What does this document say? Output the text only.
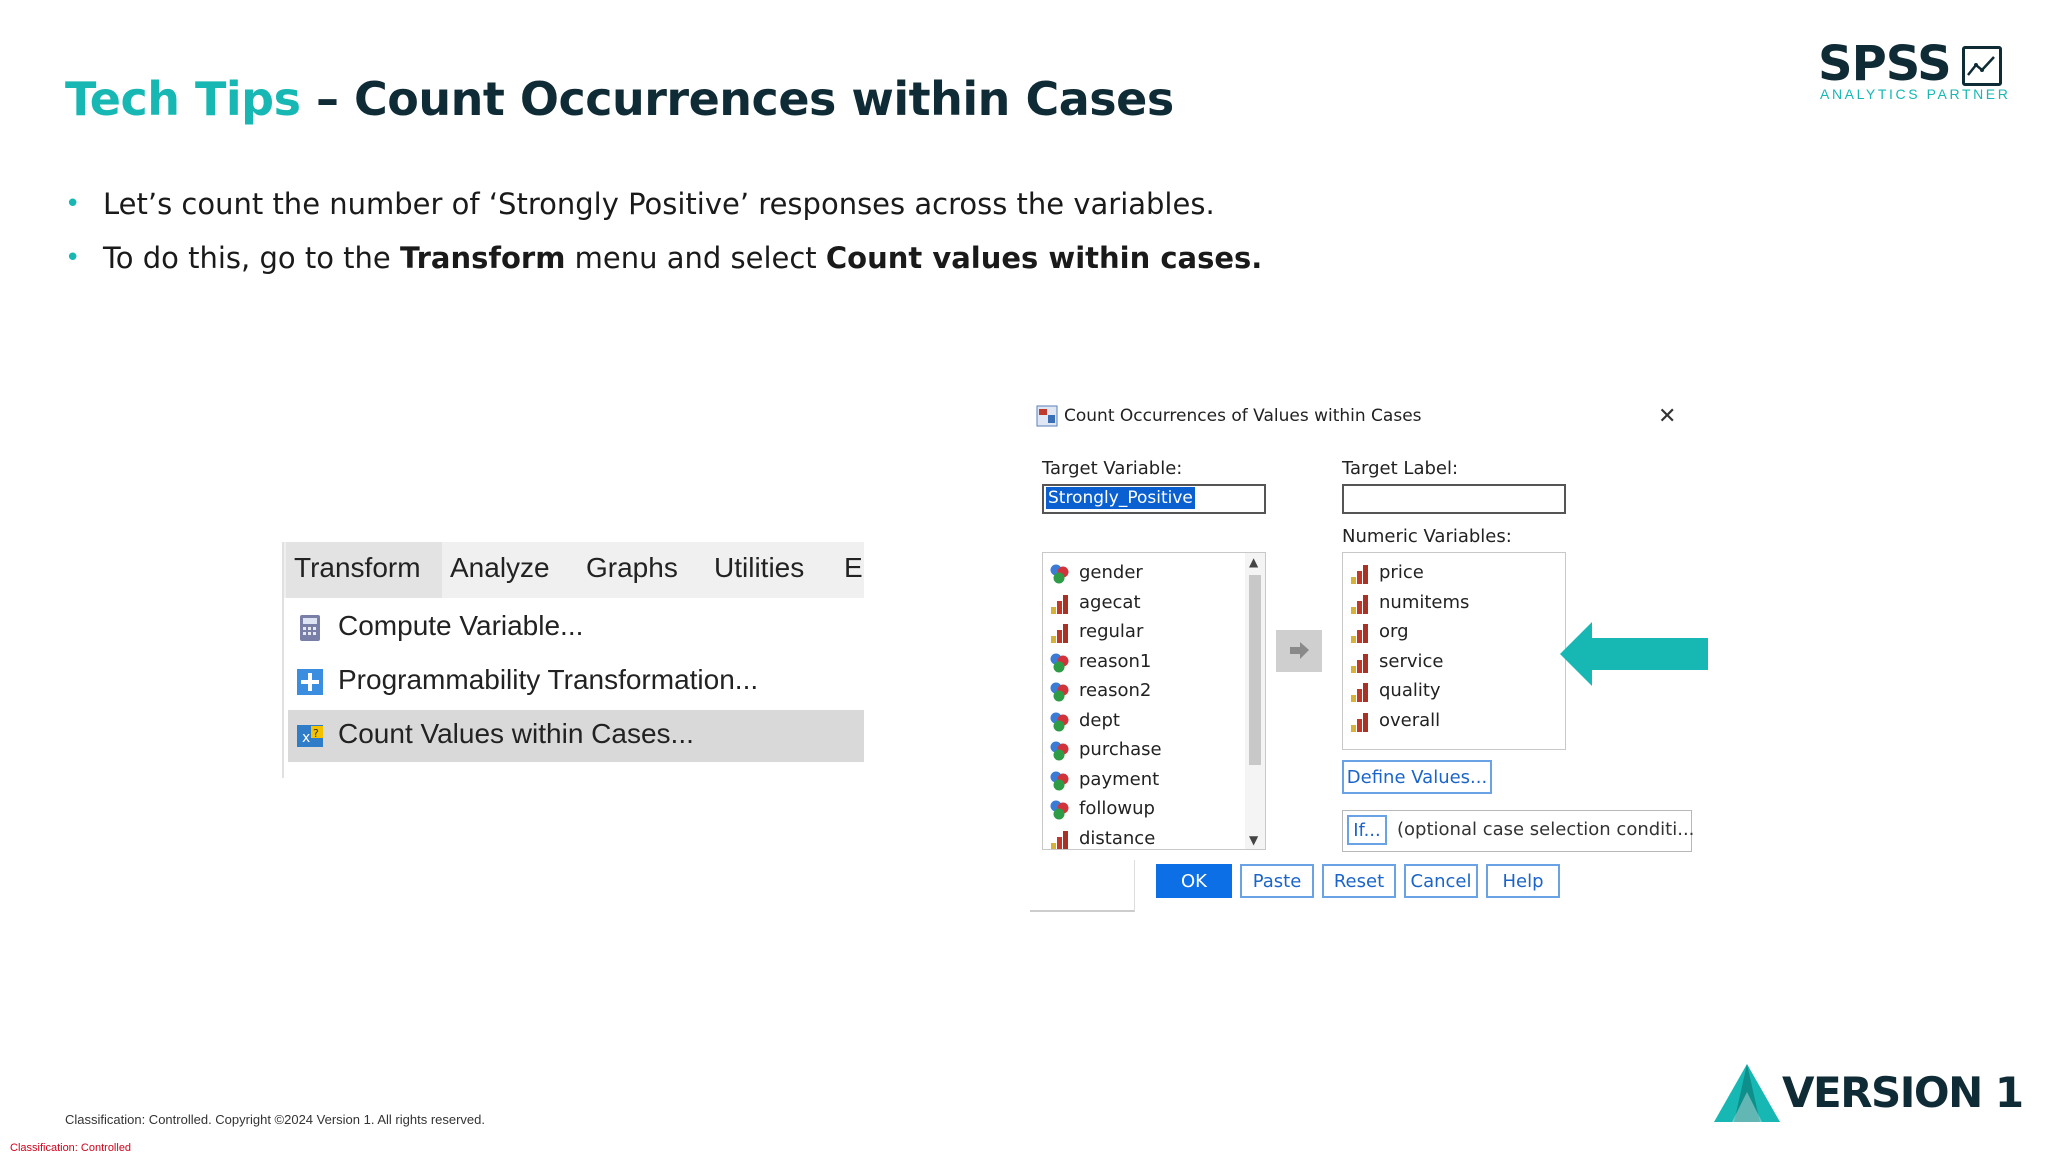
Tech Tips – Count Occurrences within Cases
SPSS
ANALYTICS PARTNER
• Let’s count the number of ‘Strongly Positive’ responses across the variables.
• To do this, go to the Transform menu and select Count values within cases.
Transform Analyze Graphs Utilities E
Compute Variable...
Programmability Transformation...
x ? Count Values within Cases...
Count Occurrences of Values within Cases	✕
Target Variable:
Strongly_Positive
Target Label:
Numeric Variables:
▲
▼
gender
agecat
regular
reason1
reason2
dept
purchase
payment
followup
distance
price
numitems
org
service
quality
overall
Define Values...
If... (optional case selection conditi...
OK	Paste	Reset	Cancel	Help
Classification: Controlled. Copyright ©2024 Version 1. All rights reserved.
Classification: Controlled
VERSION 1
